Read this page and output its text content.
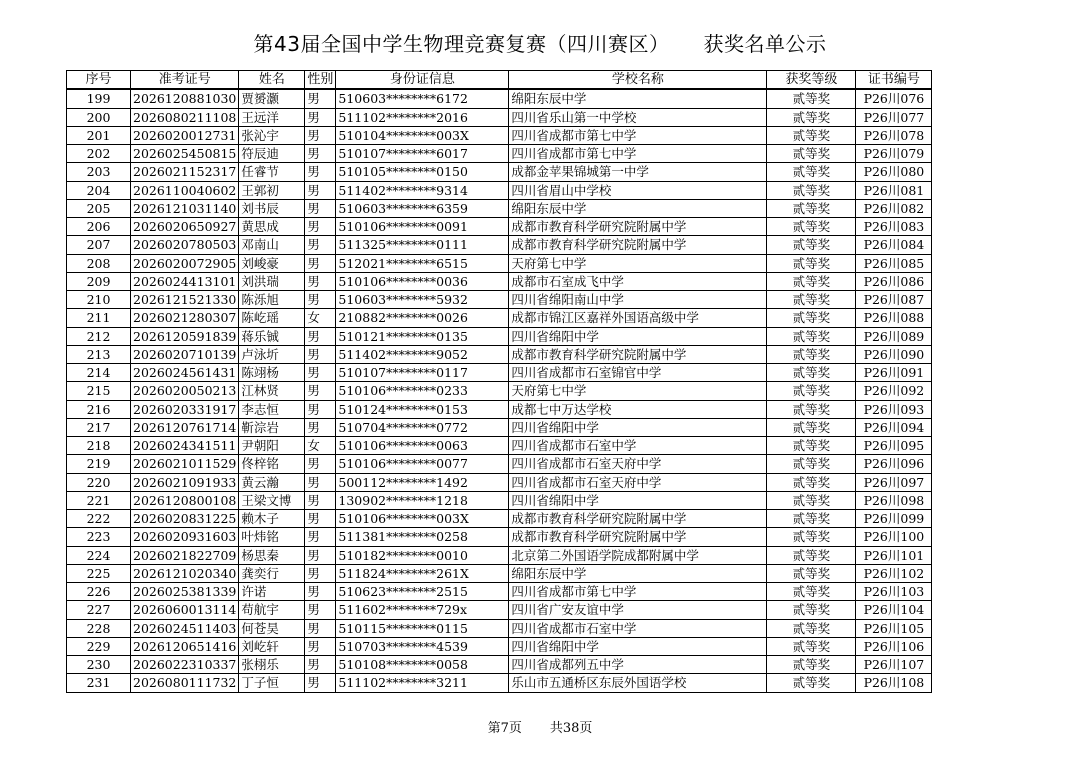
第43届全国中学生物理竞赛复赛（四川赛区） 获奖名单公示
序号	准考证号	姓名	性别	身份证信息	学校名称	获奖等级	证书编号
199	2026120881030	贾赟灏	男	510603********6172	绵阳东辰中学	贰等奖	P26川076
200	2026080211108	王远洋	男	511102********2016	四川省乐山第一中学校	贰等奖	P26川077
201	2026020012731	张沁宇	男	510104********003X	四川省成都市第七中学	贰等奖	P26川078
202	2026025450815	符辰迪	男	510107********6017	四川省成都市第七中学	贰等奖	P26川079
203	2026021152317	任睿节	男	510105********0150	成都金苹果锦城第一中学	贰等奖	P26川080
204	2026110040602	王郭初	男	511402********9314	四川省眉山中学校	贰等奖	P26川081
205	2026121031140	刘书辰	男	510603********6359	绵阳东辰中学	贰等奖	P26川082
206	2026020650927	黄思成	男	510106********0091	成都市教育科学研究院附属中学	贰等奖	P26川083
207	2026020780503	邓南山	男	511325********0111	成都市教育科学研究院附属中学	贰等奖	P26川084
208	2026020072905	刘峻豪	男	512021********6515	天府第七中学	贰等奖	P26川085
209	2026024413101	刘洪瑞	男	510106********0036	成都市石室成飞中学	贰等奖	P26川086
210	2026121521330	陈泺旭	男	510603********5932	四川省绵阳南山中学	贰等奖	P26川087
211	2026021280307	陈屹瑶	女	210882********0026	成都市锦江区嘉祥外国语高级中学	贰等奖	P26川088
212	2026120591839	蒋乐铖	男	510121********0135	四川省绵阳中学	贰等奖	P26川089
213	2026020710139	卢泳圻	男	511402********9052	成都市教育科学研究院附属中学	贰等奖	P26川090
214	2026024561431	陈翊杨	男	510107********0117	四川省成都市石室锦官中学	贰等奖	P26川091
215	2026020050213	江林贤	男	510106********0233	天府第七中学	贰等奖	P26川092
216	2026020331917	李志恒	男	510124********0153	成都七中万达学校	贰等奖	P26川093
217	2026120761714	靳淙岩	男	510704********0772	四川省绵阳中学	贰等奖	P26川094
218	2026024341511	尹朝阳	女	510106********0063	四川省成都市石室中学	贰等奖	P26川095
219	2026021011529	佟梓铭	男	510106********0077	四川省成都市石室天府中学	贰等奖	P26川096
220	2026021091933	黄云瀚	男	500112********1492	四川省成都市石室天府中学	贰等奖	P26川097
221	2026120800108	王梁文博	男	130902********1218	四川省绵阳中学	贰等奖	P26川098
222	2026020831225	赖木子	男	510106********003X	成都市教育科学研究院附属中学	贰等奖	P26川099
223	2026020931603	叶炜铭	男	511381********0258	成都市教育科学研究院附属中学	贰等奖	P26川100
224	2026021822709	杨思秦	男	510182********0010	北京第二外国语学院成都附属中学	贰等奖	P26川101
225	2026121020340	龚奕行	男	511824********261X	绵阳东辰中学	贰等奖	P26川102
226	2026025381339	许诺	男	510623********2515	四川省成都市第七中学	贰等奖	P26川103
227	2026060013114	苟航宇	男	511602********729x	四川省广安友谊中学	贰等奖	P26川104
228	2026024511403	何苍昊	男	510115********0115	四川省成都市石室中学	贰等奖	P26川105
229	2026120651416	刘屹轩	男	510703********4539	四川省绵阳中学	贰等奖	P26川106
230	2026022310337	张栩乐	男	510108********0058	四川省成都列五中学	贰等奖	P26川107
231	2026080111732	丁子恒	男	511102********3211	乐山市五通桥区东辰外国语学校	贰等奖	P26川108
第7页 共38页
